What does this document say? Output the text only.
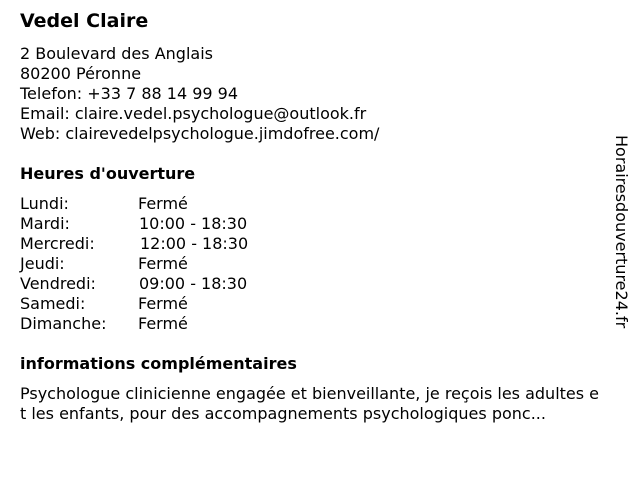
Vedel Claire
2 Boulevard des Anglais
80200 Péronne
Telefon: +33 7 88 14 99 94
Email: claire.vedel.psychologue@outlook.fr
Web: clairevedelpsychologue.jimdofree.com/
Heures d'ouverture
Lundi:	Fermé
Mardi:	10:00 - 18:30
Mercredi:	12:00 - 18:30
Jeudi:	Fermé
Vendredi:	09:00 - 18:30
Samedi:	Fermé
Dimanche: Fermé
informations complémentaires
Psychologue clinicienne engagée et bienveillante, je reçois les adultes et les enfants, pour des accompagnements psychologiques ponc...
Horairesdouverture24.fr
